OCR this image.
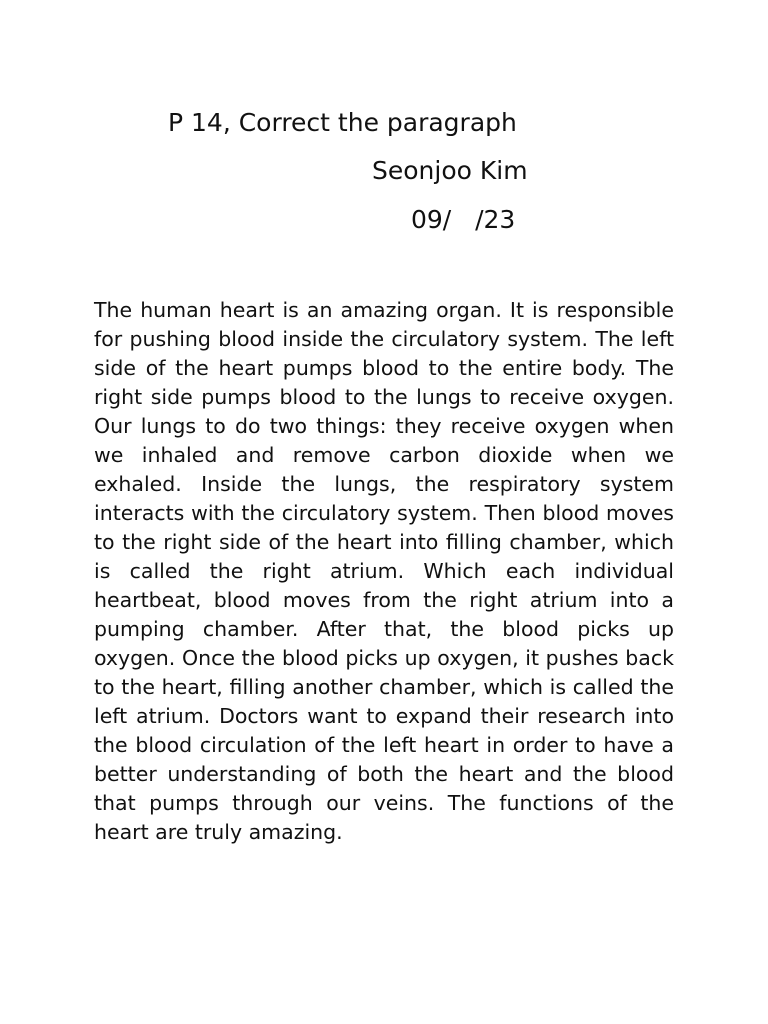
P 14, Correct the paragraph
Seonjoo Kim
09/   /23

The human heart is an amazing organ. It is responsible for pushing blood inside the circulatory system. The left side of the heart pumps blood to the entire body. The right side pumps blood to the lungs to receive oxygen. Our lungs to do two things: they receive oxygen when we inhaled and remove carbon dioxide when we exhaled. Inside the lungs, the respiratory system interacts with the circulatory system. Then blood moves to the right side of the heart into filling chamber, which is called the right atrium. Which each individual heartbeat, blood moves from the right atrium into a pumping chamber. After that, the blood picks up oxygen. Once the blood picks up oxygen, it pushes back to the heart, filling another chamber, which is called the left atrium. Doctors want to expand their research into the blood circulation of the left heart in order to have a better understanding of both the heart and the blood that pumps through our veins. The functions of the heart are truly amazing.
